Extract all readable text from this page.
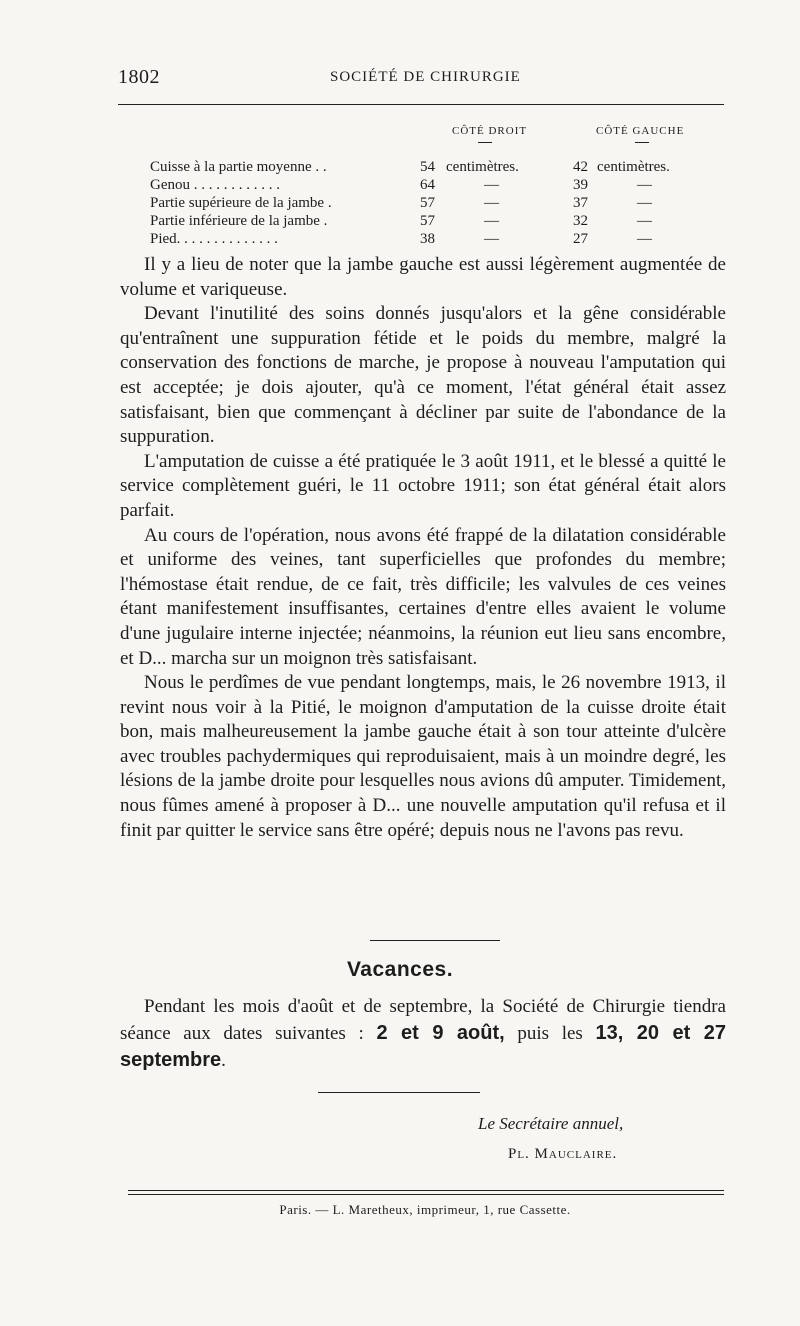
1802	SOCIÉTÉ DE CHIRURGIE
CÔTÉ DROIT	CÔTÉ GAUCHE
Cuisse à la partie moyenne . .	54 centimètres.	42 centimètres.
Genou . . . . . . . . . . . .	64	—	39	—
Partie supérieure de la jambe .	57	—	37	—
Partie inférieure de la jambe .	57	—	32	—
Pied. . . . . . . . . . . . . .	38	—	27	—

Il y a lieu de noter que la jambe gauche est aussi légèrement augmentée de volume et variqueuse.

Devant l'inutilité des soins donnés jusqu'alors et la gêne considérable qu'entraînent une suppuration fétide et le poids du membre, malgré la conservation des fonctions de marche, je propose à nouveau l'amputation qui est acceptée; je dois ajouter, qu'à ce moment, l'état général était assez satisfaisant, bien que commençant à décliner par suite de l'abondance de la suppuration.

L'amputation de cuisse a été pratiquée le 3 août 1911, et le blessé a quitté le service complètement guéri, le 11 octobre 1911; son état général était alors parfait.

Au cours de l'opération, nous avons été frappé de la dilatation considérable et uniforme des veines, tant superficielles que profondes du membre; l'hémostase était rendue, de ce fait, très difficile; les valvules de ces veines étant manifestement insuffisantes, certaines d'entre elles avaient le volume d'une jugulaire interne injectée; néanmoins, la réunion eut lieu sans encombre, et D... marcha sur un moignon très satisfaisant.

Nous le perdîmes de vue pendant longtemps, mais, le 26 novembre 1913, il revint nous voir à la Pitié, le moignon d'amputation de la cuisse droite était bon, mais malheureusement la jambe gauche était à son tour atteinte d'ulcère avec troubles pachydermiques qui reproduisaient, mais à un moindre degré, les lésions de la jambe droite pour lesquelles nous avions dû amputer. Timidement, nous fûmes amené à proposer à D... une nouvelle amputation qu'il refusa et il finit par quitter le service sans être opéré; depuis nous ne l'avons pas revu.

Vacances.

Pendant les mois d'août et de septembre, la Société de Chirurgie tiendra séance aux dates suivantes : 2 et 9 août, puis les 13, 20 et 27 septembre.

Le Secrétaire annuel,
Pl. Mauclaire.
Paris. — L. Maretheux, imprimeur, 1, rue Cassette.
